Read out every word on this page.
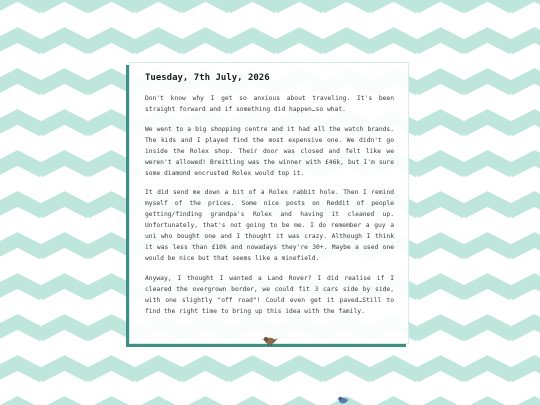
Tuesday, 7th July, 2026

Don't know why I get so anxious about traveling. It's been straight forward and if something did happen…so what.

We went to a big shopping centre and it had all the watch brands. The kids and I played find the most expensive one. We didn't go inside the Rolex shop. Their door was closed and felt like we weren't allowed! Breitling was the winner with £46k, but I'm sure some diamond encrusted Rolex would top it.

It did send me down a bit of a Rolex rabbit hole. Then I remind myself of the prices. Some nice posts on Reddit of people getting/finding grandpa's Rolex and having it cleaned up. Unfortunately, that's not going to be me. I do remember a guy a uni who bought one and I thought it was crazy. Although I think it was less than £10k and nowadays they're 30+. Maybe a used one would be nice but that seems like a minefield.

Anyway, I thought I wanted a Land Rover? I did realise if I cleared the overgrown border, we could fit 3 cars side by side, with one slightly "off road"! Could even get it paved…Still to find the right time to bring up this idea with the family.
